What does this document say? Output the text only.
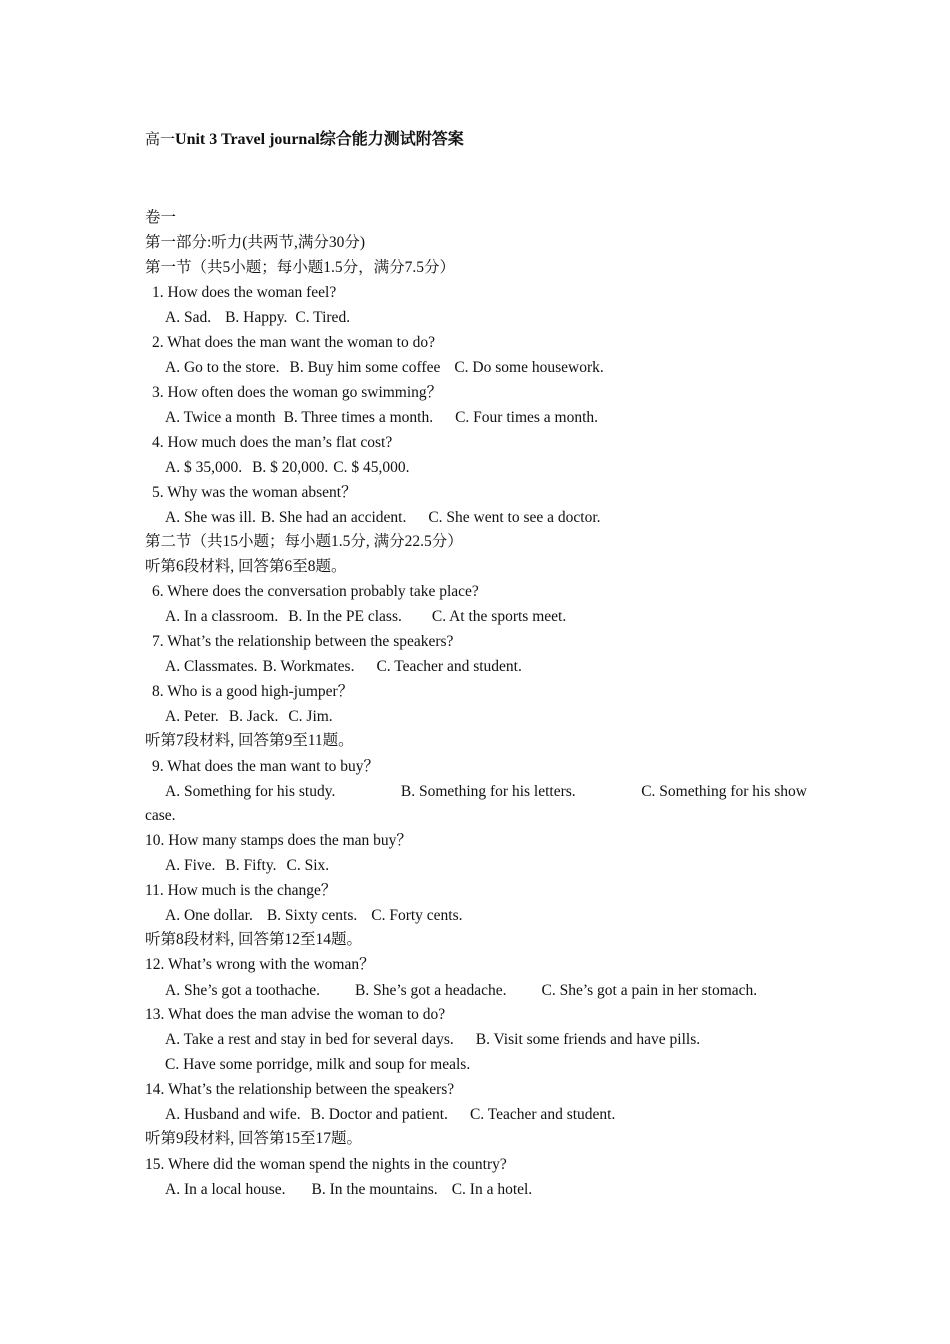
高一Unit 3 Travel journal综合能力测试附答案
卷一
第一部分:听力(共两节,满分30分)
第一节（共5小题；每小题1.5分，满分7.5分）
1. How does the woman feel?
A. Sad. B. Happy. C. Tired.
2. What does the man want the woman to do?
A. Go to the store. B. Buy him some coffee C. Do some housework.
3. How often does the woman go swimming？
A. Twice a month B. Three times a month. C. Four times a month.
4. How much does the man’s flat cost?
A. $ 35,000. B. $ 20,000. C. $ 45,000.
5. Why was the woman absent？
A. She was ill. B. She had an accident. C. She went to see a doctor.
第二节（共15小题；每小题1.5分, 满分22.5分）
听第6段材料, 回答第6至8题。
6. Where does the conversation probably take place?
A. In a classroom. B. In the PE class. C. At the sports meet.
7. What’s the relationship between the speakers?
A. Classmates. B. Workmates. C. Teacher and student.
8. Who is a good high-jumper？
A. Peter. B. Jack. C. Jim.
听第7段材料, 回答第9至11题。
9. What does the man want to buy？
A. Something for his study.	B. Something for his letters.	C. Something for his show
case.
10. How many stamps does the man buy？
A. Five. B. Fifty. C. Six.
11. How much is the change？
A. One dollar. B. Sixty cents. C. Forty cents.
听第8段材料, 回答第12至14题。
12. What’s wrong with the woman？
A. She’s got a toothache. B. She’s got a headache. C. She’s got a pain in her stomach.
13. What does the man advise the woman to do?
A. Take a rest and stay in bed for several days. B. Visit some friends and have pills.
C. Have some porridge, milk and soup for meals.
14. What’s the relationship between the speakers?
A. Husband and wife. B. Doctor and patient. C. Teacher and student.
听第9段材料, 回答第15至17题。
15. Where did the woman spend the nights in the country?
A. In a local house. B. In the mountains. C. In a hotel.
